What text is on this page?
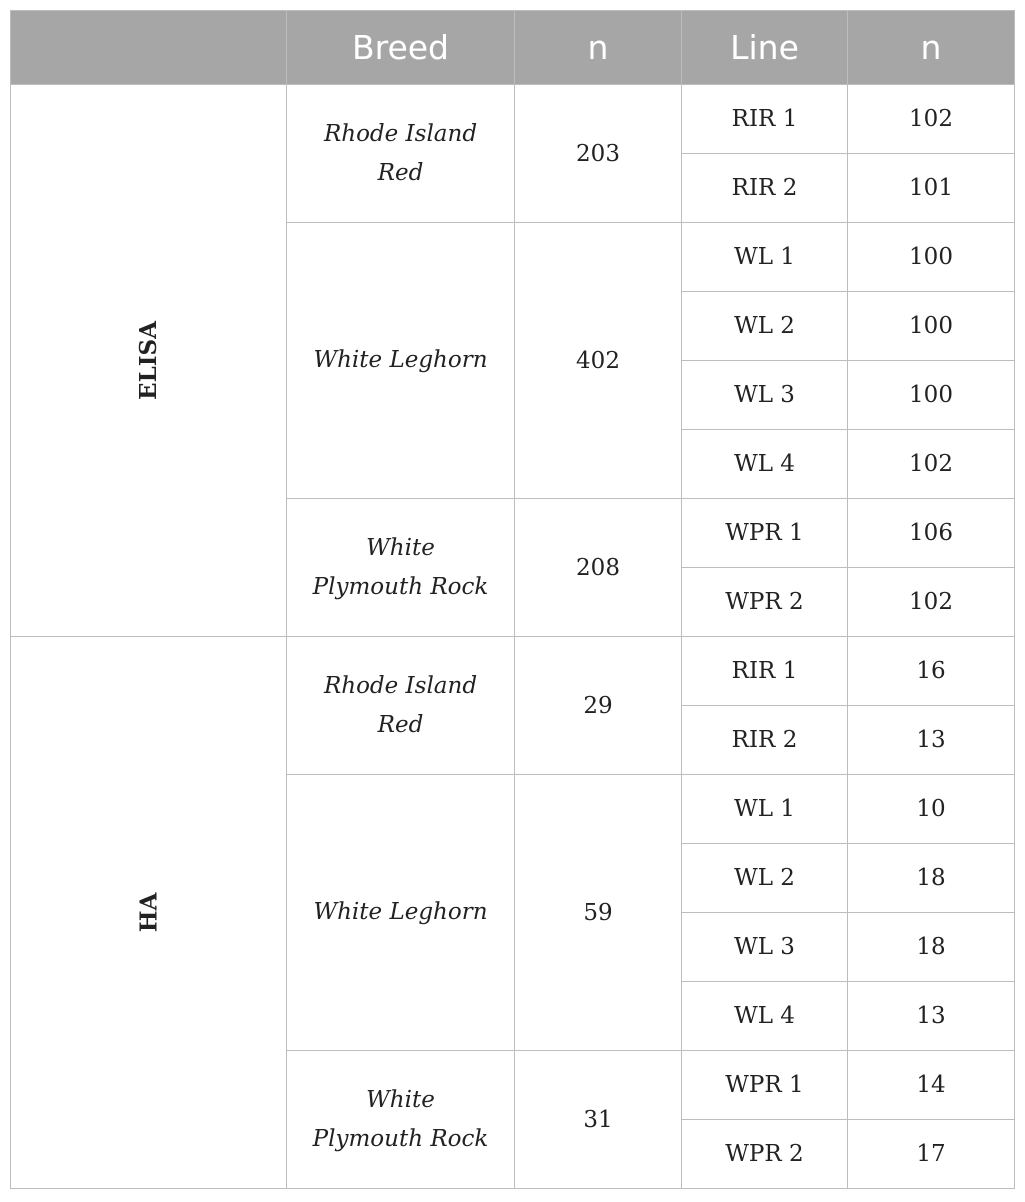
	Breed	n	Line	n
ELISA	Rhode Island Red	203	RIR 1	102
			RIR 2	101
	White Leghorn	402	WL 1	100
			WL 2	100
			WL 3	100
			WL 4	102
	White Plymouth Rock	208	WPR 1	106
			WPR 2	102
HA	Rhode Island Red	29	RIR 1	16
			RIR 2	13
	White Leghorn	59	WL 1	10
			WL 2	18
			WL 3	18
			WL 4	13
	White Plymouth Rock	31	WPR 1	14
			WPR 2	17
